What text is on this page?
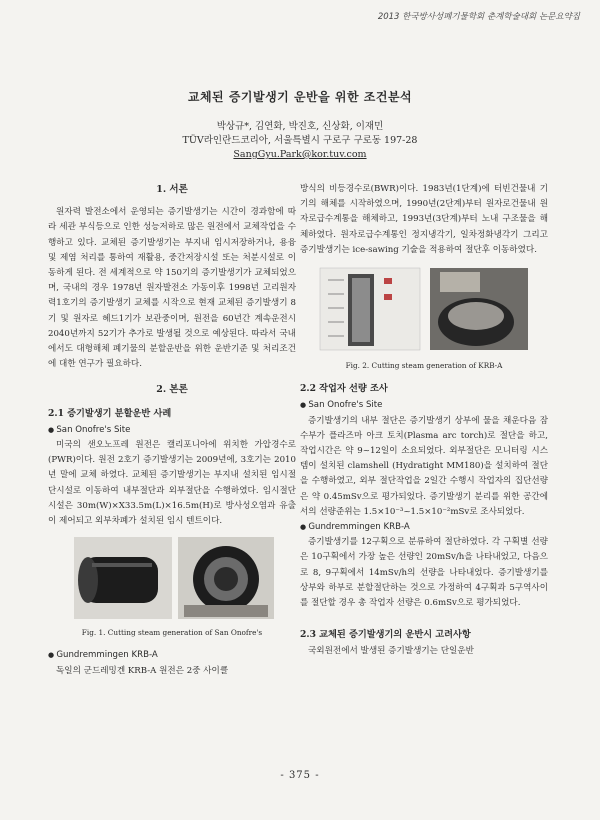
2013 한국방사성폐기물학회 춘계학술대회 논문요약집
교체된 증기발생기 운반을 위한 조건분석
박상규*, 김연화, 박진호, 신상화, 이재민
TÜV라인란드코리아, 서울특별시 구로구 구로동 197-28
SangGyu.Park@kor.tuv.com
1. 서론

원자력 발전소에서 운영되는 증기발생기는 시간이 경과함에 따라 세관 부식등으로 인한 성능저하로 많은 원전에서 교체작업을 수행하고 있다. 교체된 증기발생기는 부지내 임시저장하거나, 용융 및 제염 처리를 통하여 재활용, 중간저장시설 또는 처분시설로 이동하게 된다. 전 세계적으로 약 150기의 증기발생기가 교체되었으며, 국내의 경우 1978년 원자발전소 가동이후 1998년 고리원자력1호기의 증기발생기 교체를 시작으로 현재 교체된 증기발생기 8기 및 원자로 헤드1기가 보관중이며, 원전을 60년간 계속운전시 2040년까지 52기가 추가로 발생될 것으로 예상된다. 따라서 국내에서도 대형해체 폐기물의 분할운반을 위한 운반기준 및 처리조건에 대한 연구가 필요하다.

2. 본론
2.1 증기발생기 분할운반 사례
● San Onofre's Site

미국의 샌오노프레 원전은 캘리포니아에 위치한 가압경수로(PWR)이다. 원전 2호기 증기발생기는 2009년에, 3호기는 2010년 말에 교체 하였다. 교체된 증기발생기는 부지내 설치된 임시절단시설로 이동하여 내부절단과 외부절단을 수행하였다. 임시절단시설은 30m(W)×X33.5m(L)×16.5m(H)로 방사성오염과 유출이 제어되고 외부차폐가 설치된 임시 텐트이다.

Fig. 1. Cutting steam generation of San Onofre's
● Gundremmingen KRB-A

독일의 군드레밍겐 KRB-A 원전은 2중 사이클

방식의 비등경수로(BWR)이다. 1983년(1단계)에 터빈건물내 기기의 해체를 시작하였으며, 1990년(2단계)부터 원자로건물내 원자로급수계통을 해체하고, 1993년(3단계)부터 노내 구조물을 해체하였다. 원자로급수계통인 정지냉각기, 일차정화냉각기 그리고 증기발생기는 ice-sawing 기술을 적용하여 절단후 이동하였다.

Fig. 2. Cutting steam generation of KRB-A
2.2 작업자 선량 조사
● San Onofre's Site

증기발생기의 내부 절단은 증기발생기 상부에 물을 채운다음 잠수부가 플라즈마 아크 토치(Plasma arc torch)로 절단을 하고, 작업시간은 약 9~12일이 소요되었다. 외부절단은 모니터링 시스템이 설치된 clamshell (Hydratight MM180)을 설치하여 절단을 수행하였고, 외부 절단작업을 2일간 수행시 작업자의 집단선량은 약 0.45mSv으로 평가되었다. 증기발생기 분리를 위한 공간에서의 선량준위는 1.5×10⁻³~1.5×10⁻²mSv로 조사되었다.

● Gundremmingen KRB-A

증기발생기를 12구획으로 분류하여 절단하였다. 각 구획별 선량은 10구획에서 가장 높은 선량인 20mSv/h을 나타내었고, 다음으로 8, 9구획에서 14mSv/h의 선량을 나타내었다. 증기발생기를 상부와 하부로 분할절단하는 것으로 가정하여 4구획과 5구역사이를 절단할 경우 총 작업자 선량은 0.6mSv으로 평가되었다.

2.3 교체된 증기발생기의 운반시 고려사항

국외원전에서 발생된 증기발생기는 단일운반

- 375 -
